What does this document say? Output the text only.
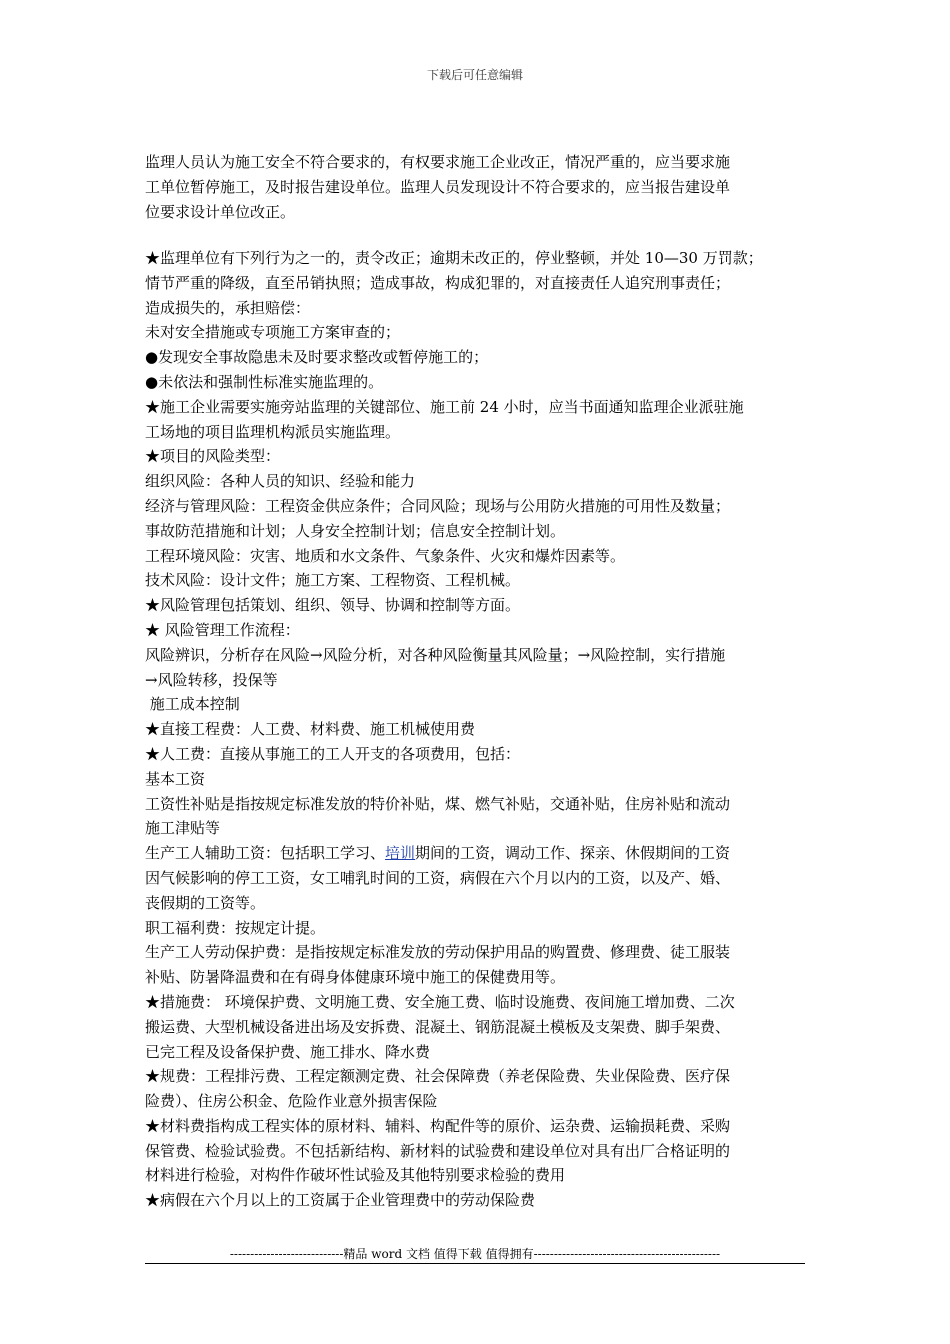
下载后可任意编辑
监理人员认为施工安全不符合要求的，有权要求施工企业改正，情况严重的，应当要求施
工单位暂停施工，及时报告建设单位。监理人员发现设计不符合要求的，应当报告建设单
位要求设计单位改正。
★监理单位有下列行为之一的，责令改正；逾期未改正的，停业整顿，并处 10—30 万罚款；
情节严重的降级，直至吊销执照；造成事故，构成犯罪的，对直接责任人追究刑事责任；
造成损失的，承担赔偿：
未对安全措施或专项施工方案审查的；
●发现安全事故隐患未及时要求整改或暂停施工的；
●未依法和强制性标准实施监理的。
★施工企业需要实施旁站监理的关键部位、施工前 24 小时，应当书面通知监理企业派驻施
工场地的项目监理机构派员实施监理。
★项目的风险类型：
组织风险：各种人员的知识、经验和能力
经济与管理风险：工程资金供应条件；合同风险；现场与公用防火措施的可用性及数量；
事故防范措施和计划；人身安全控制计划；信息安全控制计划。
工程环境风险：灾害、地质和水文条件、气象条件、火灾和爆炸因素等。
技术风险：设计文件；施工方案、工程物资、工程机械。
★风险管理包括策划、组织、领导、协调和控制等方面。
★ 风险管理工作流程：
风险辨识，分析存在风险→风险分析，对各种风险衡量其风险量；→风险控制，实行措施
→风险转移，投保等
施工成本控制
★直接工程费：人工费、材料费、施工机械使用费
★人工费：直接从事施工的工人开支的各项费用，包括：
基本工资
工资性补贴是指按规定标准发放的特价补贴，煤、燃气补贴，交通补贴，住房补贴和流动
施工津贴等
生产工人辅助工资：包括职工学习、培训期间的工资，调动工作、探亲、休假期间的工资
因气候影响的停工工资，女工哺乳时间的工资，病假在六个月以内的工资，以及产、婚、
丧假期的工资等。
职工福利费：按规定计提。
生产工人劳动保护费：是指按规定标准发放的劳动保护用品的购置费、修理费、徒工服装
补贴、防暑降温费和在有碍身体健康环境中施工的保健费用等。
★措施费： 环境保护费、文明施工费、安全施工费、临时设施费、夜间施工增加费、二次
搬运费、大型机械设备进出场及安拆费、混凝土、钢筋混凝土模板及支架费、脚手架费、
已完工程及设备保护费、施工排水、降水费
★规费：工程排污费、工程定额测定费、社会保障费（养老保险费、失业保险费、医疗保
险费）、住房公积金、危险作业意外损害保险
★材料费指构成工程实体的原材料、辅料、构配件等的原价、运杂费、运输损耗费、采购
保管费、检验试验费。不包括新结构、新材料的试验费和建设单位对具有出厂合格证明的
材料进行检验，对构件作破坏性试验及其他特别要求检验的费用
★病假在六个月以上的工资属于企业管理费中的劳动保险费
----------------------------精品 word 文档 值得下载 值得拥有----------------------------------------------
